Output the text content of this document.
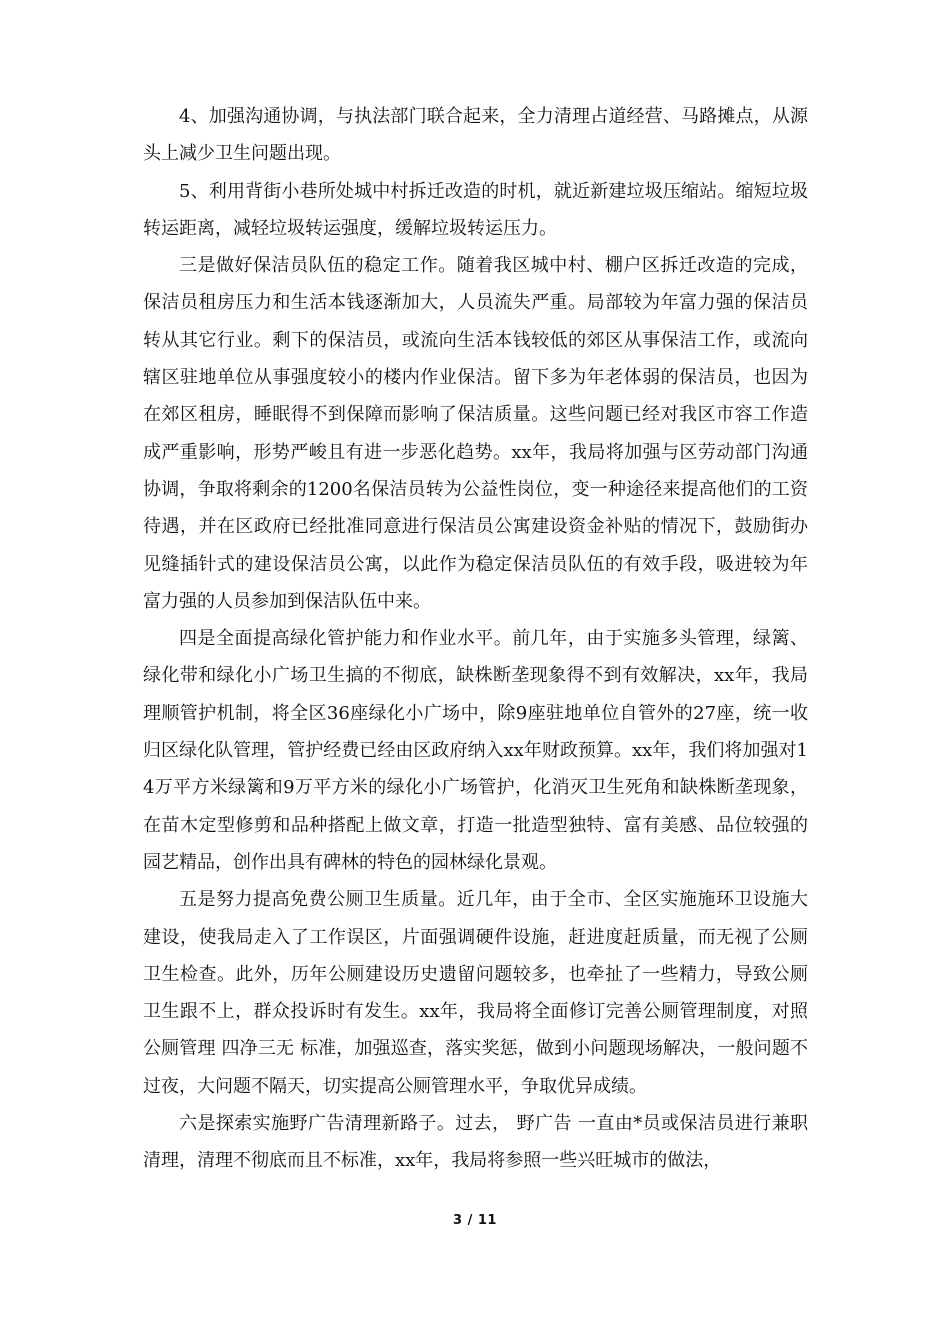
4、加强沟通协调，与执法部门联合起来，全力清理占道经营、马路摊点，从源头上减少卫生问题出现。

5、利用背街小巷所处城中村拆迁改造的时机，就近新建垃圾压缩站。缩短垃圾转运距离，减轻垃圾转运强度，缓解垃圾转运压力。

三是做好保洁员队伍的稳定工作。随着我区城中村、棚户区拆迁改造的完成，保洁员租房压力和生活本钱逐渐加大，人员流失严重。局部较为年富力强的保洁员转从其它行业。剩下的保洁员，或流向生活本钱较低的郊区从事保洁工作，或流向辖区驻地单位从事强度较小的楼内作业保洁。留下多为年老体弱的保洁员，也因为在郊区租房，睡眠得不到保障而影响了保洁质量。这些问题已经对我区市容工作造成严重影响，形势严峻且有进一步恶化趋势。xx年，我局将加强与区劳动部门沟通协调，争取将剩余的1200名保洁员转为公益性岗位，变一种途径来提高他们的工资待遇，并在区政府已经批准同意进行保洁员公寓建设资金补贴的情况下，鼓励街办见缝插针式的建设保洁员公寓，以此作为稳定保洁员队伍的有效手段，吸进较为年富力强的人员参加到保洁队伍中来。

四是全面提高绿化管护能力和作业水平。前几年，由于实施多头管理，绿篱、绿化带和绿化小广场卫生搞的不彻底，缺株断垄现象得不到有效解决，xx年，我局理顺管护机制，将全区36座绿化小广场中，除9座驻地单位自管外的27座，统一收归区绿化队管理，管护经费已经由区政府纳入xx年财政预算。xx年，我们将加强对14万平方米绿篱和9万平方米的绿化小广场管护，化消灭卫生死角和缺株断垄现象，在苗木定型修剪和品种搭配上做文章，打造一批造型独特、富有美感、品位较强的园艺精品，创作出具有碑林的特色的园林绿化景观。

五是努力提高免费公厕卫生质量。近几年，由于全市、全区实施施环卫设施大建设，使我局走入了工作误区，片面强调硬件设施，赶进度赶质量，而无视了公厕卫生检查。此外，历年公厕建设历史遗留问题较多，也牵扯了一些精力，导致公厕卫生跟不上，群众投诉时有发生。xx年，我局将全面修订完善公厕管理制度，对照公厕管理 四净三无 标准，加强巡查，落实奖惩，做到小问题现场解决，一般问题不过夜，大问题不隔天，切实提高公厕管理水平，争取优异成绩。

六是探索实施野广告清理新路子。过去， 野广告 一直由*员或保洁员进行兼职清理，清理不彻底而且不标准，xx年，我局将参照一些兴旺城市的做法，

3 / 11
